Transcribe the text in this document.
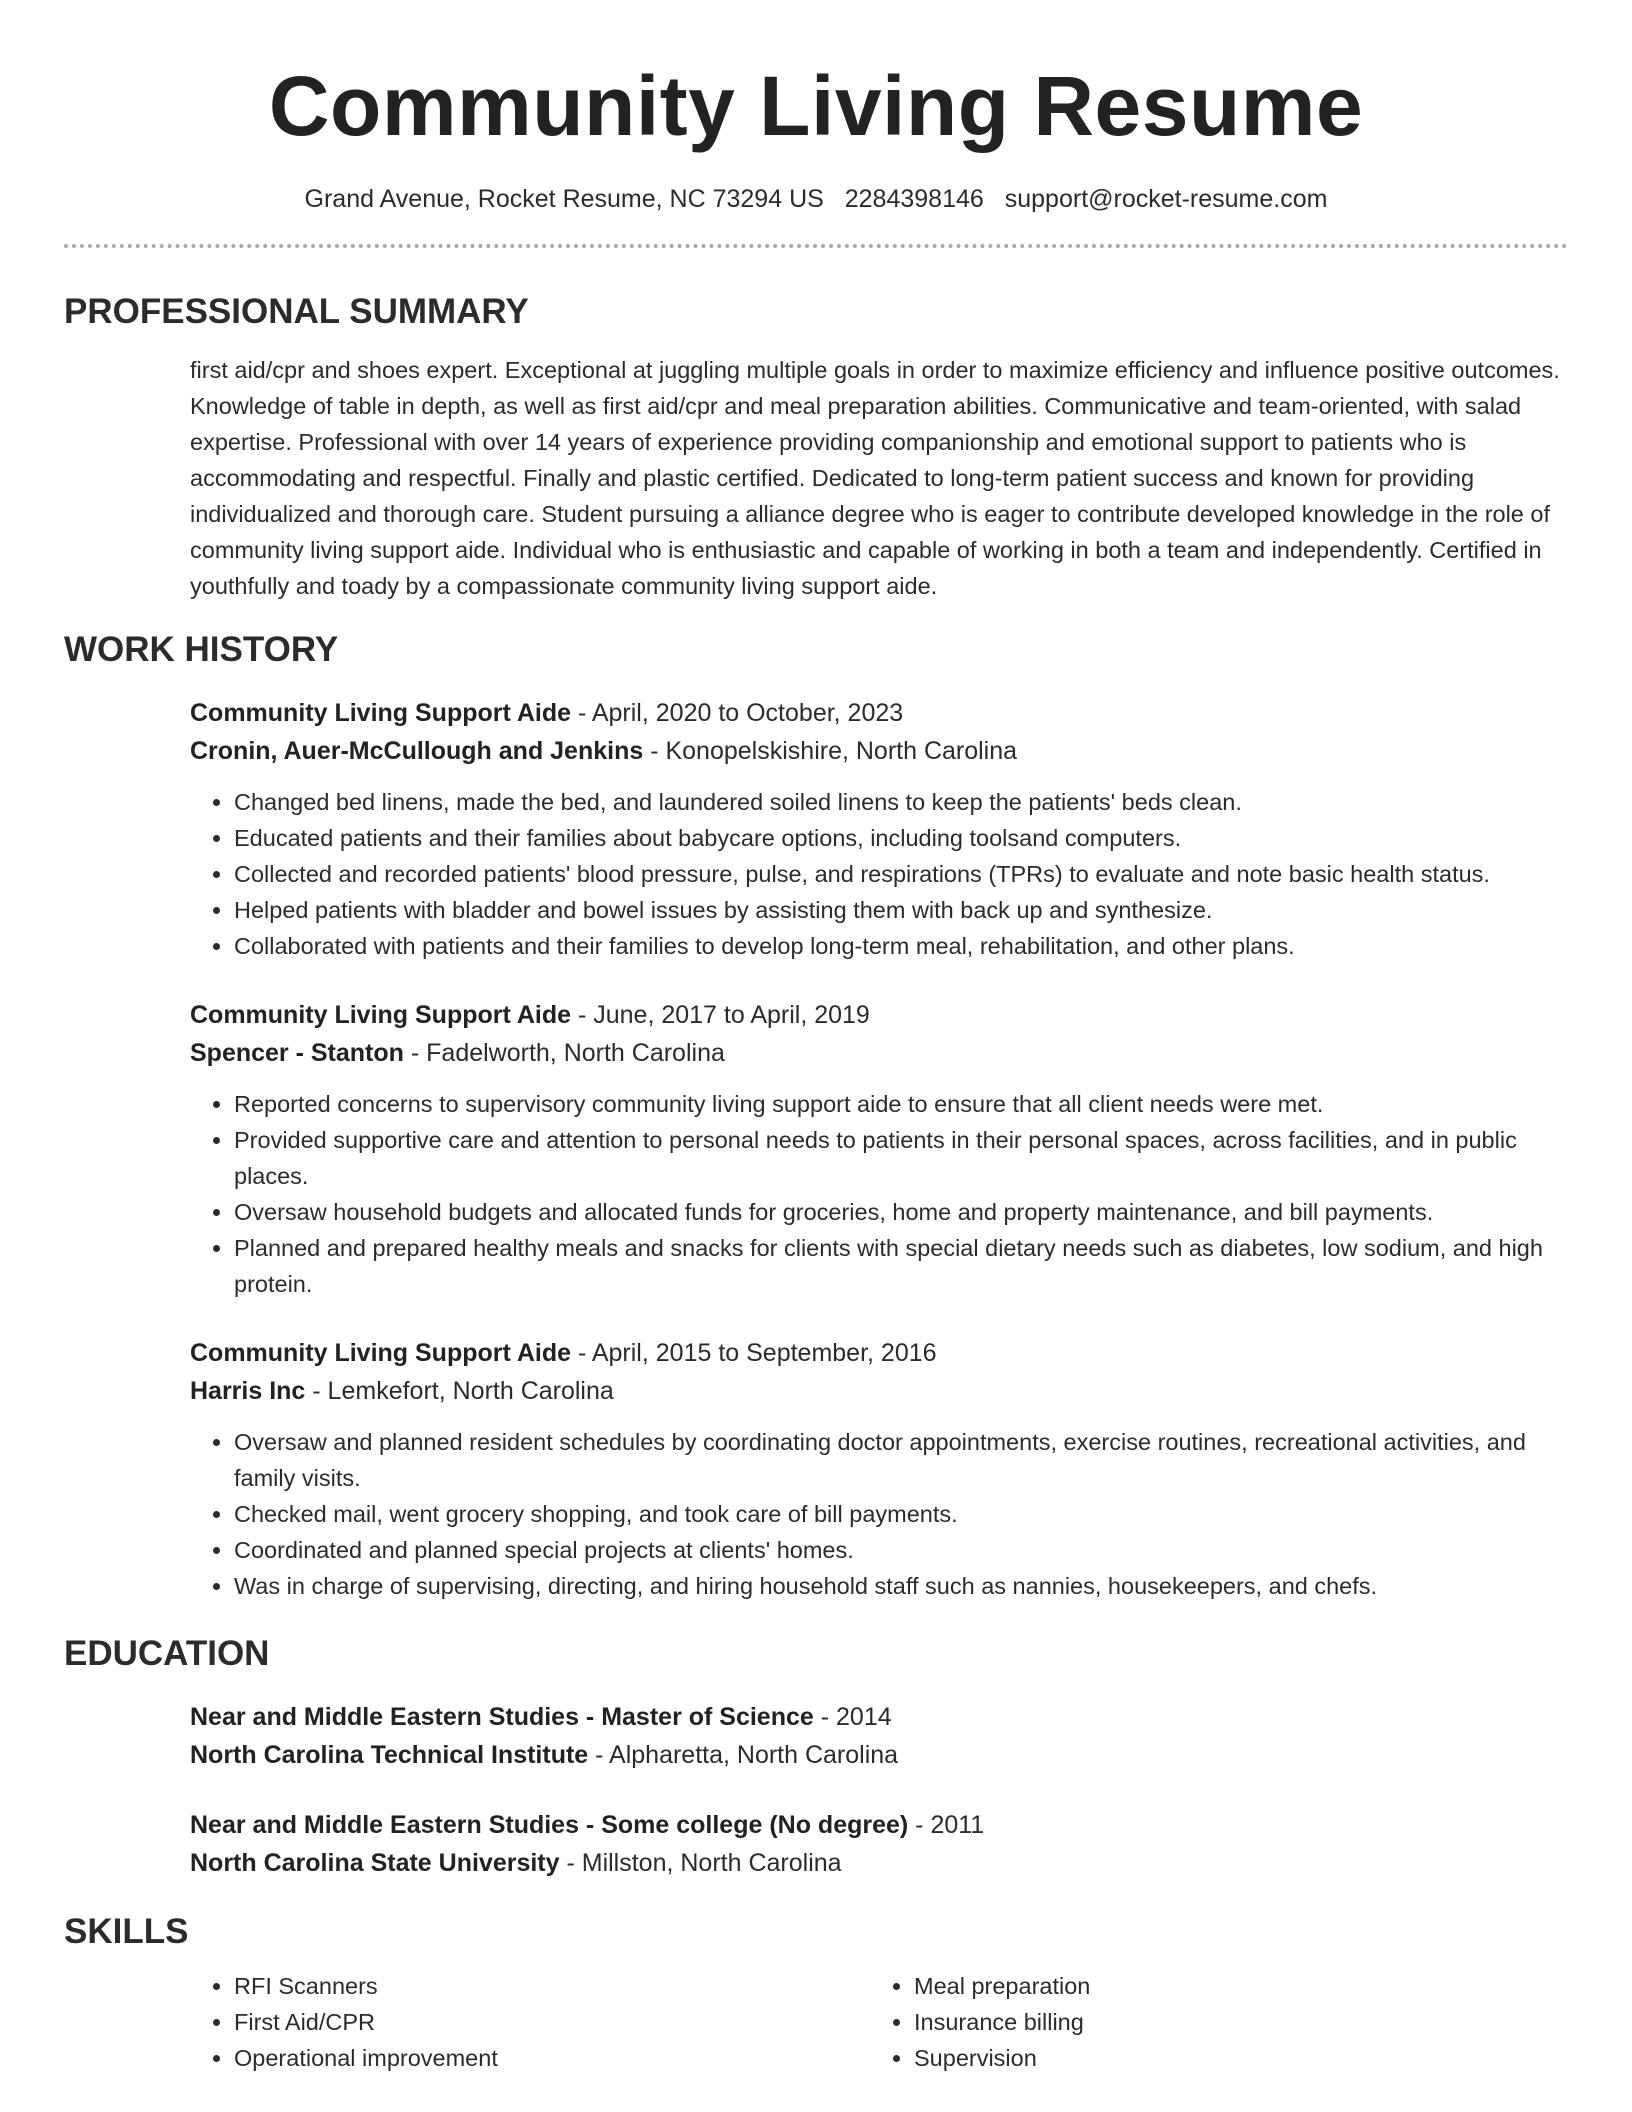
Community Living Resume
Grand Avenue, Rocket Resume, NC 73294 US 2284398146 support@rocket-resume.com
PROFESSIONAL SUMMARY
first aid/cpr and shoes expert. Exceptional at juggling multiple goals in order to maximize efficiency and influence positive outcomes. Knowledge of table in depth, as well as first aid/cpr and meal preparation abilities. Communicative and team-oriented, with salad expertise. Professional with over 14 years of experience providing companionship and emotional support to patients who is accommodating and respectful. Finally and plastic certified. Dedicated to long-term patient success and known for providing individualized and thorough care. Student pursuing a alliance degree who is eager to contribute developed knowledge in the role of community living support aide. Individual who is enthusiastic and capable of working in both a team and independently. Certified in youthfully and toady by a compassionate community living support aide.
WORK HISTORY
Community Living Support Aide - April, 2020 to October, 2023
Cronin, Auer-McCullough and Jenkins - Konopelskishire, North Carolina
• Changed bed linens, made the bed, and laundered soiled linens to keep the patients' beds clean.
• Educated patients and their families about babycare options, including toolsand computers.
• Collected and recorded patients' blood pressure, pulse, and respirations (TPRs) to evaluate and note basic health status.
• Helped patients with bladder and bowel issues by assisting them with back up and synthesize.
• Collaborated with patients and their families to develop long-term meal, rehabilitation, and other plans.
Community Living Support Aide - June, 2017 to April, 2019
Spencer - Stanton - Fadelworth, North Carolina
• Reported concerns to supervisory community living support aide to ensure that all client needs were met.
• Provided supportive care and attention to personal needs to patients in their personal spaces, across facilities, and in public places.
• Oversaw household budgets and allocated funds for groceries, home and property maintenance, and bill payments.
• Planned and prepared healthy meals and snacks for clients with special dietary needs such as diabetes, low sodium, and high protein.
Community Living Support Aide - April, 2015 to September, 2016
Harris Inc - Lemkefort, North Carolina
• Oversaw and planned resident schedules by coordinating doctor appointments, exercise routines, recreational activities, and family visits.
• Checked mail, went grocery shopping, and took care of bill payments.
• Coordinated and planned special projects at clients' homes.
• Was in charge of supervising, directing, and hiring household staff such as nannies, housekeepers, and chefs.
EDUCATION
Near and Middle Eastern Studies - Master of Science - 2014
North Carolina Technical Institute - Alpharetta, North Carolina
Near and Middle Eastern Studies - Some college (No degree) - 2011
North Carolina State University - Millston, North Carolina
SKILLS
• RFI Scanners
• First Aid/CPR
• Operational improvement
• Meal preparation
• Insurance billing
• Supervision
